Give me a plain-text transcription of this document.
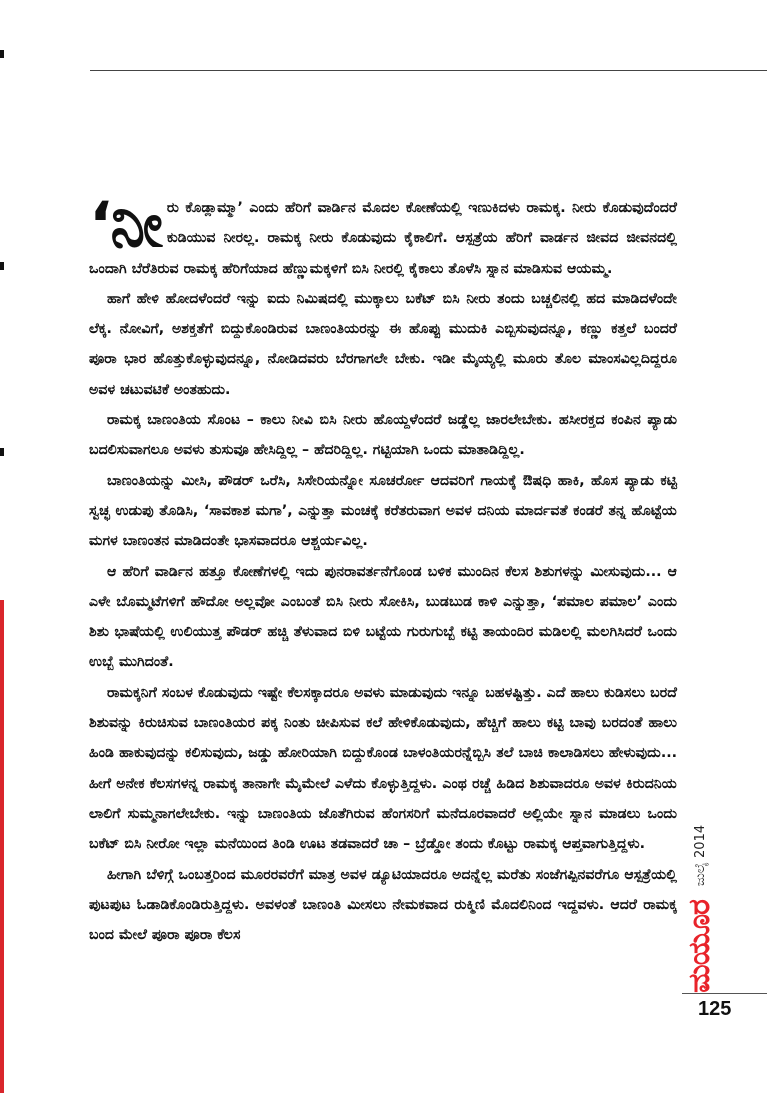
‘ನೀರು ಕೊಡ್ಲಾಮ್ಮಾ’ ಎಂದು ಹೆರಿಗೆ ವಾರ್ಡಿನ ಮೊದಲ ಕೋಣೆಯಲ್ಲಿ ಇಣುಕಿದಳು ರಾಮಕ್ಕ. ನೀರು ಕೊಡುವುದೆಂದರೆ ಕುಡಿಯುವ ನೀರಲ್ಲ. ರಾಮಕ್ಕ ನೀರು ಕೊಡುವುದು ಕೈಕಾಲಿಗೆ. ಆಸ್ಪತ್ರೆಯ ಹೆರಿಗೆ ವಾರ್ಡನ ಜೀವದ ಜೀವನದಲ್ಲಿ ಒಂದಾಗಿ ಬೆರೆತಿರುವ ರಾಮಕ್ಕ ಹೆರಿಗೆಯಾದ ಹೆಣ್ಣುಮಕ್ಕಳಿಗೆ ಬಿಸಿ ನೀರಲ್ಲಿ ಕೈಕಾಲು ತೊಳೆಸಿ ಸ್ನಾನ ಮಾಡಿಸುವ ಆಯಮ್ಮ.

ಹಾಗೆ ಹೇಳಿ ಹೋದಳೆಂದರೆ ಇನ್ನು ಐದು ನಿಮಿಷದಲ್ಲಿ ಮುಕ್ಕಾಲು ಬಕೆಟ್ ಬಿಸಿ ನೀರು ತಂದು ಬಚ್ಚಲಿನಲ್ಲಿ ಹದ ಮಾಡಿದಳೆಂದೇ ಲೆಕ್ಕ. ನೋವಿಗೆ, ಅಶಕ್ತತೆಗೆ ಬಿದ್ದುಕೊಂಡಿರುವ ಬಾಣಂತಿಯರನ್ನು ಈ ಹೊಪ್ಪು ಮುದುಕಿ ಎಬ್ಬಿಸುವುದನ್ನೂ, ಕಣ್ಣು ಕತ್ತಲೆ ಬಂದರೆ ಪೂರಾ ಭಾರ ಹೊತ್ತುಕೊಳ್ಳುವುದನ್ನೂ, ನೋಡಿದವರು ಬೆರಗಾಗಲೇ ಬೇಕು. ಇಡೀ ಮೈಯ್ಯಲ್ಲಿ ಮೂರು ತೊಲ ಮಾಂಸವಿಲ್ಲದಿದ್ದರೂ ಅವಳ ಚಟುವಟಿಕೆ ಅಂತಹುದು.

ರಾಮಕ್ಕ ಬಾಣಂತಿಯ ಸೊಂಟ – ಕಾಲು ನೀವಿ ಬಿಸಿ ನೀರು ಹೊಯ್ದಳೆಂದರೆ ಜಡ್ಡೆಲ್ಲ ಜಾರಲೇಬೇಕು. ಹಸೀರಕ್ತದ ಕಂಪಿನ ಪ್ಯಾಡು ಬದಲಿಸುವಾಗಲೂ ಅವಳು ತುಸುವೂ ಹೇಸಿದ್ದಿಲ್ಲ – ಹೆದರಿದ್ದಿಲ್ಲ. ಗಟ್ಟಿಯಾಗಿ ಒಂದು ಮಾತಾಡಿದ್ದಿಲ್ಲ.

ಬಾಣಂತಿಯನ್ನು ಮೀಸಿ, ಪೌಡರ್ ಒರೆಸಿ, ಸಿಸೇರಿಯನ್ನೋ ಸೂಚರ್ರೋ ಆದವರಿಗೆ ಗಾಯಕ್ಕೆ ಔಷಧಿ ಹಾಕಿ, ಹೊಸ ಪ್ಯಾಡು ಕಟ್ಟಿ ಸ್ವಚ್ಛ ಉಡುಪು ತೊಡಿಸಿ, ‘ಸಾವಕಾಶ ಮಗಾ’, ಎನ್ನುತ್ತಾ ಮಂಚಕ್ಕೆ ಕರೆತರುವಾಗ ಅವಳ ದನಿಯ ಮಾರ್ದವತೆ ಕಂಡರೆ ತನ್ನ ಹೊಟ್ಟೆಯ ಮಗಳ ಬಾಣಂತನ ಮಾಡಿದಂತೇ ಭಾಸವಾದರೂ ಆಶ್ಚರ್ಯವಿಲ್ಲ.

ಆ ಹೆರಿಗೆ ವಾರ್ಡಿನ ಹತ್ತೂ ಕೋಣೆಗಳಲ್ಲಿ ಇದು ಪುನರಾವರ್ತನೆಗೊಂಡ ಬಳಿಕ ಮುಂದಿನ ಕೆಲಸ ಶಿಶುಗಳನ್ನು ಮೀಸುವುದು... ಆ ಎಳೇ ಬೊಮ್ಮಟೆಗಳಿಗೆ ಹೌದೋ ಅಲ್ಲವೋ ಎಂಬಂತೆ ಬಿಸಿ ನೀರು ಸೋಕಿಸಿ, ಬುಡಬುಡ ಕಾಳಿ ಎನ್ನುತ್ತಾ, ‘ಪಮಾಲ ಪಮಾಲ’ ಎಂದು ಶಿಶು ಭಾಷೆಯಲ್ಲಿ ಉಲಿಯುತ್ತ ಪೌಡರ್ ಹಚ್ಚಿ ತೆಳುವಾದ ಬಿಳಿ ಬಟ್ಟೆಯ ಗುರುಗುಬ್ಬೆ ಕಟ್ಟಿ ತಾಯಂದಿರ ಮಡಿಲಲ್ಲಿ ಮಲಗಿಸಿದರೆ ಒಂದು ಉಬ್ಬೆ ಮುಗಿದಂತೆ.

ರಾಮಕ್ಕನಿಗೆ ಸಂಬಳ ಕೊಡುವುದು ಇಷ್ಟೇ ಕೆಲಸಕ್ಕಾದರೂ ಅವಳು ಮಾಡುವುದು ಇನ್ನೂ ಬಹಳಷ್ಟಿತ್ತು. ಎದೆ ಹಾಲು ಕುಡಿಸಲು ಬರದೆ ಶಿಶುವನ್ನು ಕಿರುಚಿಸುವ ಬಾಣಂತಿಯರ ಪಕ್ಕ ನಿಂತು ಚೀಪಿಸುವ ಕಲೆ ಹೇಳಿಕೊಡುವುದು, ಹೆಚ್ಚಿಗೆ ಹಾಲು ಕಟ್ಟಿ ಬಾವು ಬರದಂತೆ ಹಾಲು ಹಿಂಡಿ ಹಾಕುವುದನ್ನು ಕಲಿಸುವುದು, ಜಡ್ಡು ಹೋರಿಯಾಗಿ ಬಿದ್ದುಕೊಂಡ ಬಾಳಂತಿಯರನ್ನೆಬ್ಬಿಸಿ ತಲೆ ಬಾಚಿ ಕಾಲಾಡಿಸಲು ಹೇಳುವುದು... ಹೀಗೆ ಅನೇಕ ಕೆಲಸಗಳನ್ನ ರಾಮಕ್ಕ ತಾನಾಗೇ ಮೈಮೇಲೆ ಎಳೆದು ಕೊಳ್ಳುತ್ತಿದ್ದಳು. ಎಂಥ ರಚ್ಚೆ ಹಿಡಿದ ಶಿಶುವಾದರೂ ಅವಳ ಕಿರುದನಿಯ ಲಾಲಿಗೆ ಸುಮ್ಮನಾಗಲೇಬೇಕು. ಇನ್ನು ಬಾಣಂತಿಯ ಜೊತೆಗಿರುವ ಹೆಂಗಸರಿಗೆ ಮನೆದೂರವಾದರೆ ಅಲ್ಲಿಯೇ ಸ್ನಾನ ಮಾಡಲು ಒಂದು ಬಕೆಟ್ ಬಿಸಿ ನೀರೋ ಇಲ್ಲಾ ಮನೆಯಿಂದ ತಿಂಡಿ ಊಟ ತಡವಾದರೆ ಚಾ – ಬ್ರೆಡ್ಡೋ ತಂದು ಕೊಟ್ಟು ರಾಮಕ್ಕ ಆಪ್ತವಾಗುತ್ತಿದ್ದಳು.

ಹೀಗಾಗಿ ಬೆಳಿಗ್ಗೆ ಒಂಬತ್ತರಿಂದ ಮೂರರವರೆಗೆ ಮಾತ್ರ ಅವಳ ಡ್ಯೂಟಿಯಾದರೂ ಅದನ್ನೆಲ್ಲ ಮರೆತು ಸಂಜೆಗಪ್ಪಿನವರೆಗೂ ಆಸ್ಪತ್ರೆಯಲ್ಲಿ ಪುಟಪುಟ ಓಡಾಡಿಕೊಂಡಿರುತ್ತಿದ್ದಳು. ಅವಳಂತೆ ಬಾಣಂತಿ ಮೀಸಲು ನೇಮಕವಾದ ರುಕ್ಮಿಣಿ ಮೊದಲಿನಿಂದ ಇದ್ದವಳು. ಆದರೆ ರಾಮಕ್ಕ ಬಂದ ಮೇಲೆ ಪೂರಾ ಪೂರಾ ಕೆಲಸ

ಜುಲೈ 2014
ಮಯೂರ
125
